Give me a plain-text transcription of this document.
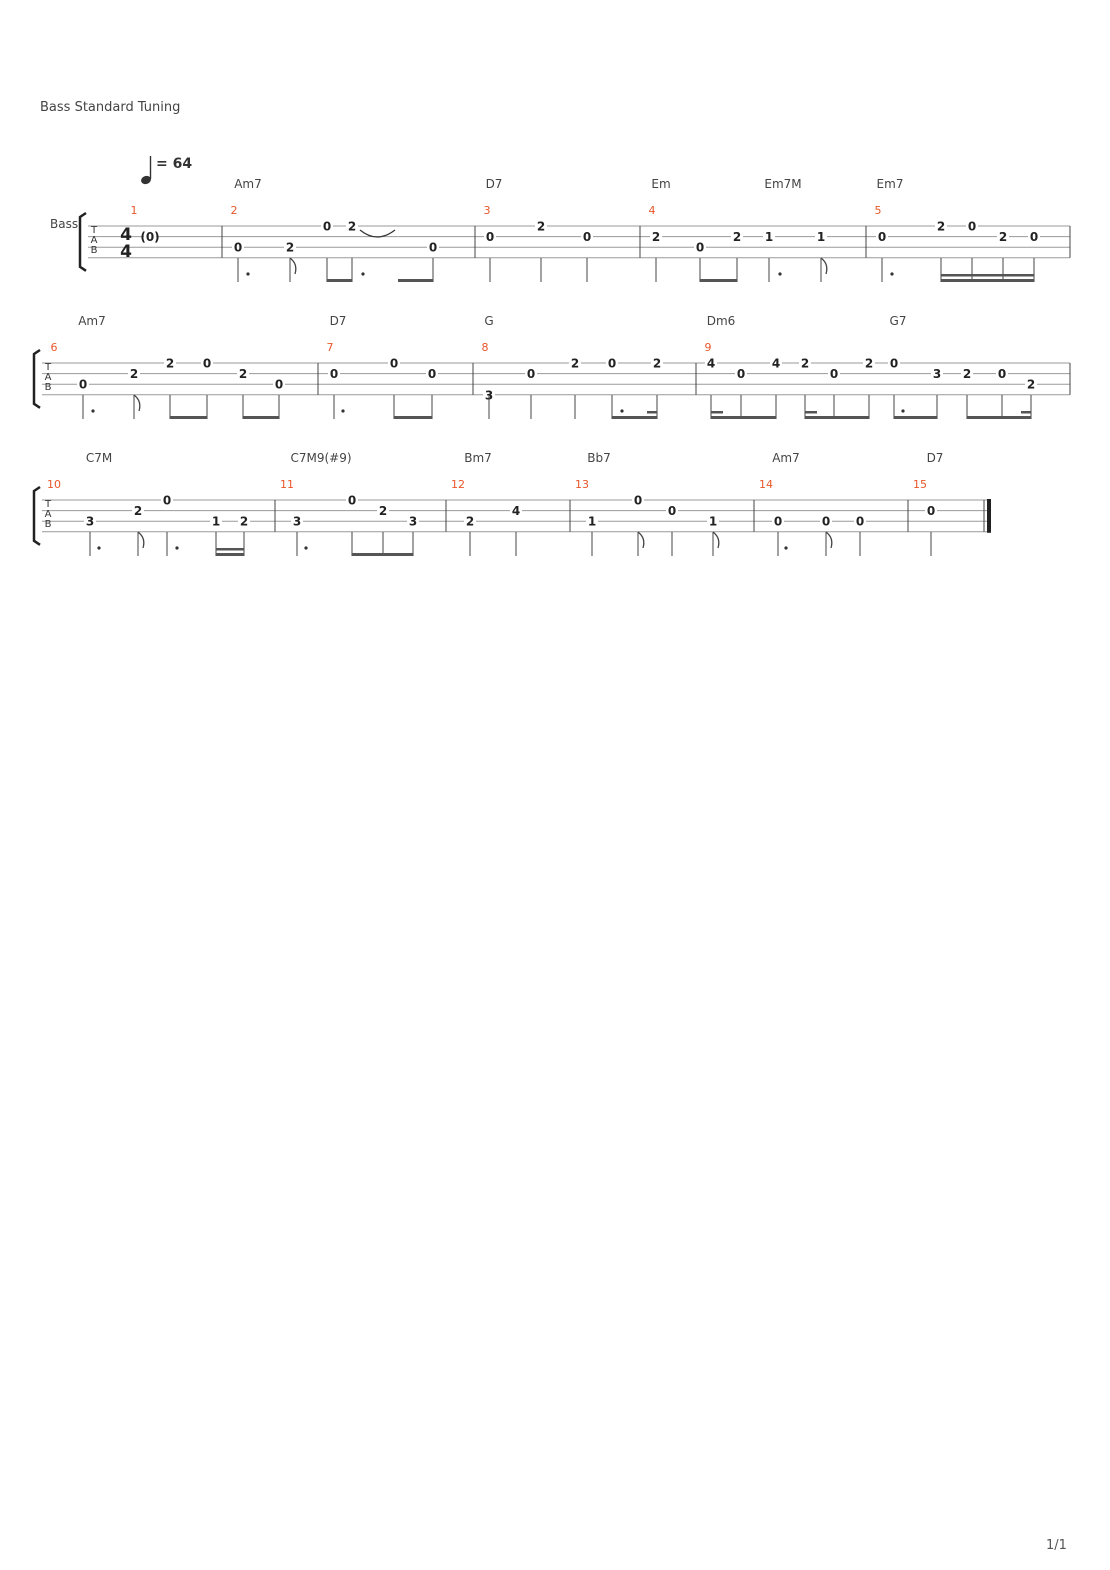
Bass Standard Tuning
= 64
Bass T
A
B
T
A
B
T
A
B
4
4
1
(0)
2
0	2
0 2
0
3
0
2
0
4
2
0
2 1	1
5
0
2 0
2 0
6
0
2
2 0
2
0
7
0
0
0
8
3
0
2 0	2
9
4
0
4 2
0
2 0
3 2 0
2
10
3
2
0
1 2
11
3
0
2
3
12
2
4
13
1
0
0
1
14
0	0 0
15
0
Am7	D7	Em	Em7M	Em7
Am7	D7	G	Dm6	G7
C7M	C7M9(#9)	Bm7	Bb7	Am7	D7
1/1
